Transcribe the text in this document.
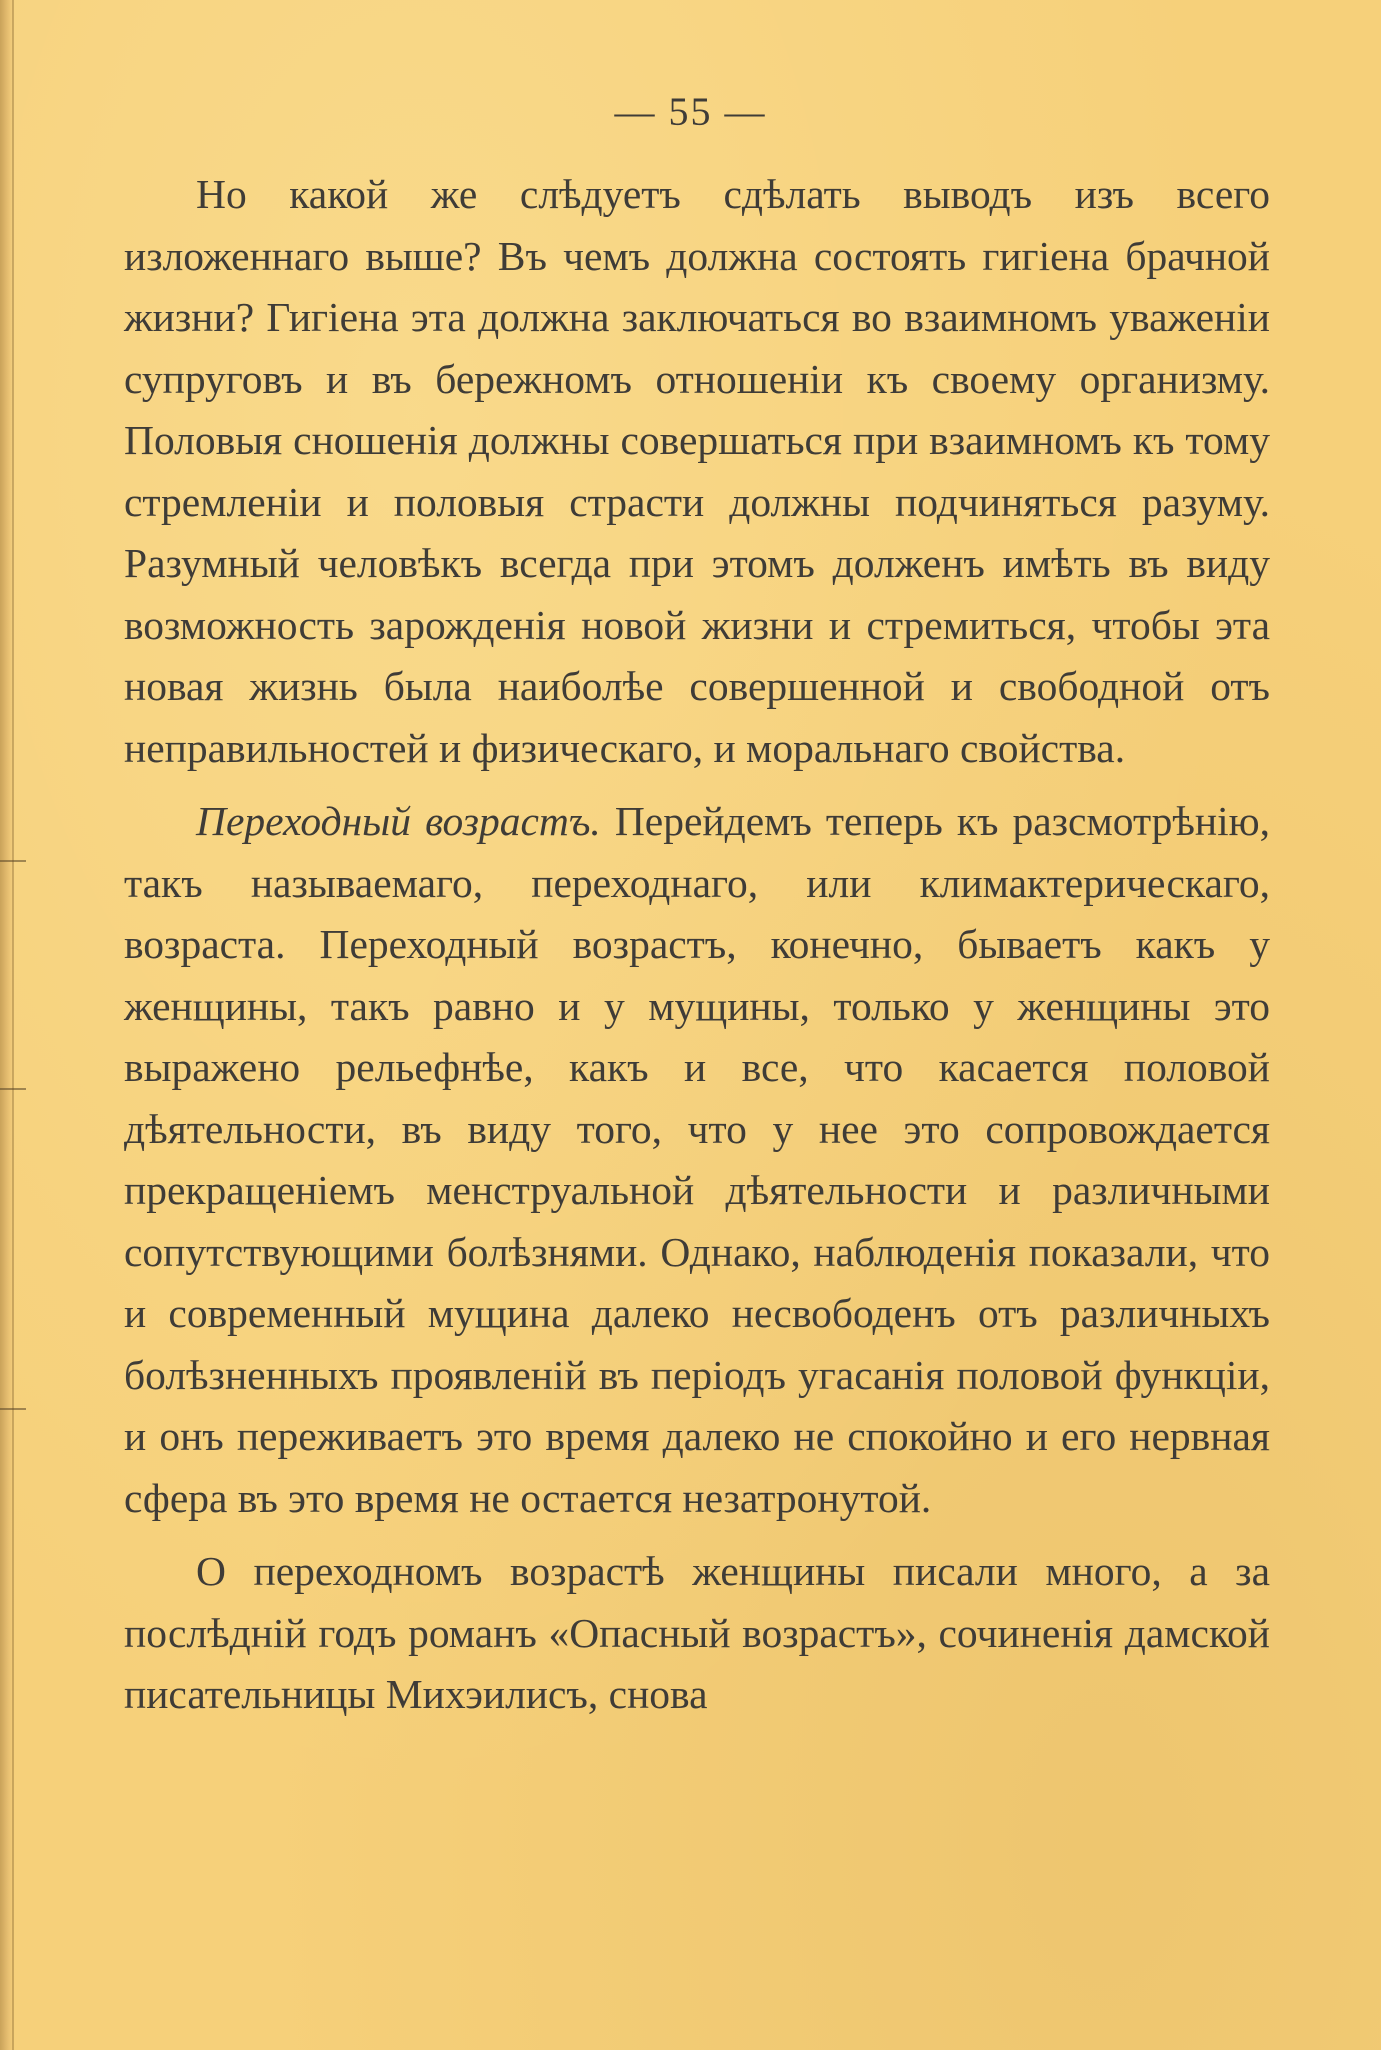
— 55 —

Но какой же слѣдуетъ сдѣлать выводъ изъ всего изложеннаго выше? Въ чемъ должна состоять гигіена брачной жизни? Гигіена эта должна заключаться во взаимномъ уваженіи супруговъ и въ бережномъ отношеніи къ своему организму. Половыя сношенія должны совершаться при взаимномъ къ тому стремленіи и половыя страсти должны подчиняться разуму. Разумный человѣкъ всегда при этомъ долженъ имѣть въ виду возможность зарожденія новой жизни и стремиться, чтобы эта новая жизнь была наиболѣе совершенной и свободной отъ неправильностей и физическаго, и моральнаго свойства.

Переходный возрастъ. Перейдемъ теперь къ разсмотрѣнію, такъ называемаго, переходнаго, или климактерическаго, возраста. Переходный возрастъ, конечно, бываетъ какъ у женщины, такъ равно и у мущины, только у женщины это выражено рельефнѣе, какъ и все, что касается половой дѣятельности, въ виду того, что у нее это сопровождается прекращеніемъ менструальной дѣятельности и различными сопутствующими болѣзнями. Однако, наблюденія показали, что и современный мущина далеко несвободенъ отъ различныхъ болѣзненныхъ проявленій въ періодъ угасанія половой функціи, и онъ переживаетъ это время далеко не спокойно и его нервная сфера въ это время не остается незатронутой.

О переходномъ возрастѣ женщины писали много, а за послѣдній годъ романъ «Опасный возрастъ», сочиненія дамской писательницы Михэилисъ, снова
